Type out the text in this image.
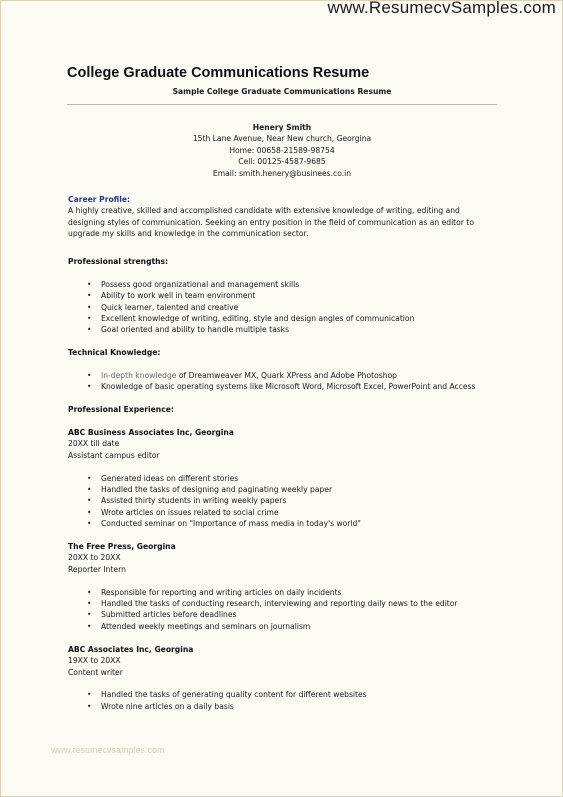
www.ResumecvSamples.com
College Graduate Communications Resume
Sample College Graduate Communications Resume
Henery Smith
15th Lane Avenue, Near New church, Georgina
Home: 00658-21589-98754
Cell: 00125-4587-9685
Email: smith.henery@businees.co.in
Career Profile:

A highly creative, skilled and accomplished candidate with extensive knowledge of writing, editing and

designing styles of communication. Seeking an entry position in the field of communication as an editor to

upgrade my skills and knowledge in the communication sector.

Professional strengths:
• Possess good organizational and management skills
• Ability to work well in team environment
• Quick learner, talented and creative
• Excellent knowledge of writing, editing, style and design angles of communication
• Goal oriented and ability to handle multiple tasks
Technical Knowledge:
• In-depth knowledge of Dreamweaver MX, Quark XPress and Adobe Photoshop
• Knowledge of basic operating systems like Microsoft Word, Microsoft Excel, PowerPoint and Access
Professional Experience:
ABC Business Associates Inc, Georgina
20XX till date
Assistant campus editor
• Generated ideas on different stories
• Handled the tasks of designing and paginating weekly paper
• Assisted thirty students in writing weekly papers
• Wrote articles on issues related to social crime
• Conducted seminar on "Importance of mass media in today's world"
The Free Press, Georgina
20XX to 20XX
Reporter Intern
• Responsible for reporting and writing articles on daily incidents
• Handled the tasks of conducting research, interviewing and reporting daily news to the editor
• Submitted articles before deadlines
• Attended weekly meetings and seminars on journalism
ABC Associates Inc, Georgina
19XX to 20XX
Content writer
• Handled the tasks of generating quality content for different websites
• Wrote nine articles on a daily basis
www.resumecvsamples.com
